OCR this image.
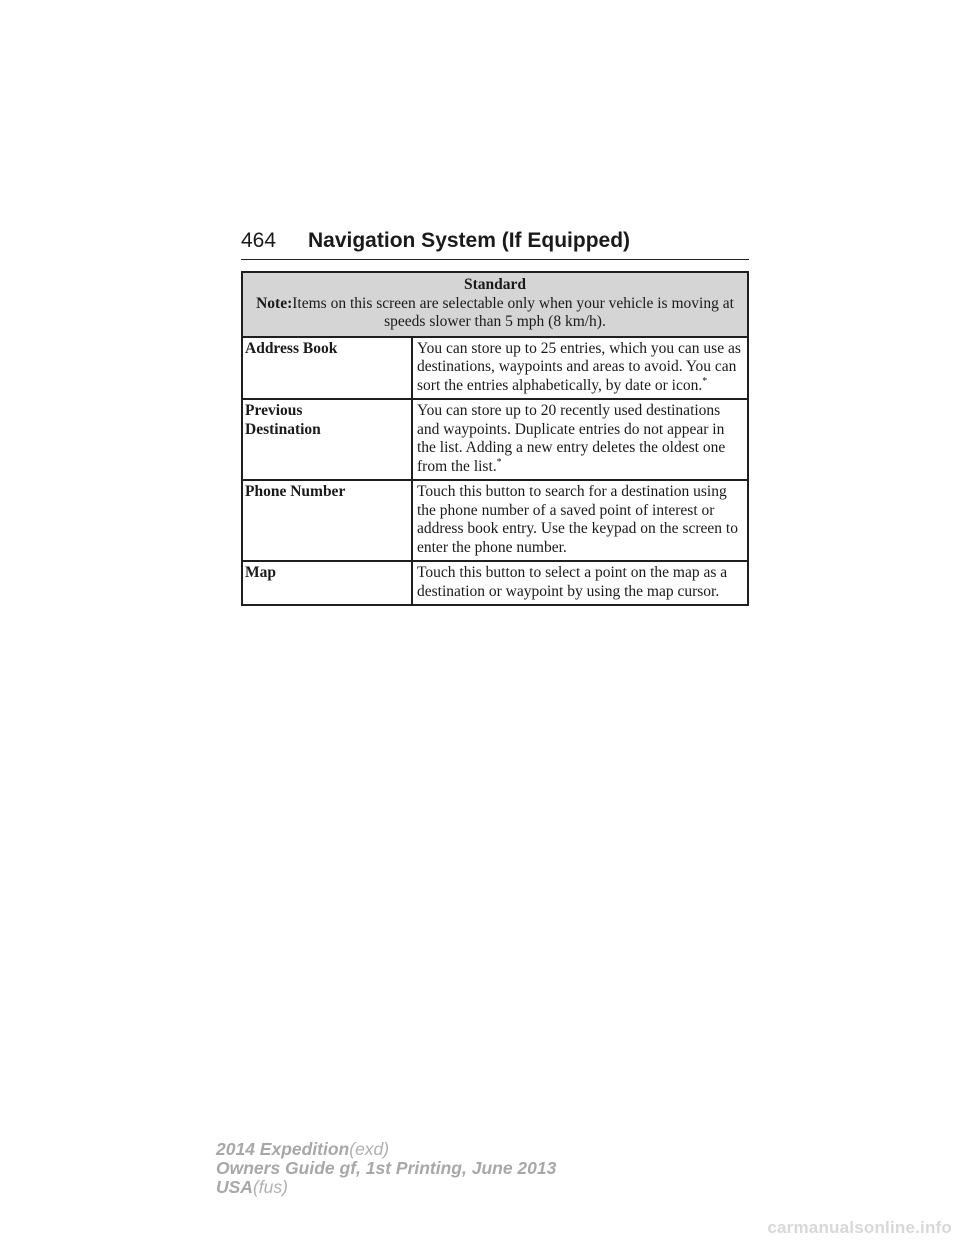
464 Navigation System (If Equipped)
Standard
Note:Items on this screen are selectable only when your vehicle is moving at speeds slower than 5 mph (8 km/h).	

Address Book	You can store up to 25 entries, which you can use as destinations, waypoints and areas to avoid. You can sort the entries alphabetically, by date or icon.*
Previous
Destination	You can store up to 20 recently used destinations and waypoints. Duplicate entries do not appear in the list. Adding a new entry deletes the oldest one from the list.*
Phone Number	Touch this button to search for a destination using the phone number of a saved point of interest or address book entry. Use the keypad on the screen to enter the phone number.
Map	Touch this button to select a point on the map as a destination or waypoint by using the map cursor.
2014 Expedition(exd)
Owners Guide gf, 1st Printing, June 2013
USA(fus)
carmanualsonline.info
